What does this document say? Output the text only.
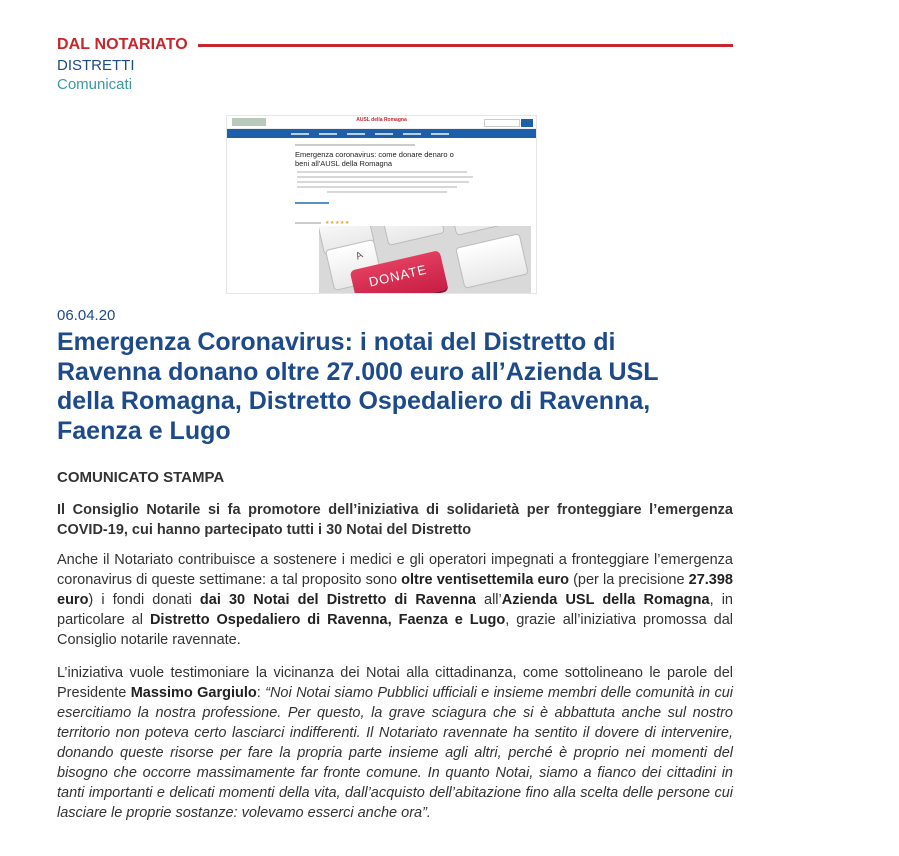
DAL NOTARIATO
DISTRETTI
Comunicati
AUSL della Romagna
Emergenza coronavirus: come donare denaro o beni all'AUSL della Romagna
★★★★★
A
DONATE
06.04.20
Emergenza Coronavirus: i notai del Distretto di Ravenna donano oltre 27.000 euro all’Azienda USL della Romagna, Distretto Ospedaliero di Ravenna, Faenza e Lugo
COMUNICATO STAMPA

Il Consiglio Notarile si fa promotore dell’iniziativa di solidarietà per fronteggiare l’emergenza COVID-19, cui hanno partecipato tutti i 30 Notai del Distretto

Anche il Notariato contribuisce a sostenere i medici e gli operatori impegnati a fronteggiare l’emergenza coronavirus di queste settimane: a tal proposito sono oltre ventisettemila euro (per la precisione 27.398 euro) i fondi donati dai 30 Notai del Distretto di Ravenna all’Azienda USL della Romagna, in particolare al Distretto Ospedaliero di Ravenna, Faenza e Lugo, grazie all’iniziativa promossa dal Consiglio notarile ravennate.

L’iniziativa vuole testimoniare la vicinanza dei Notai alla cittadinanza, come sottolineano le parole del Presidente Massimo Gargiulo: “Noi Notai siamo Pubblici ufficiali e insieme membri delle comunità in cui esercitiamo la nostra professione. Per questo, la grave sciagura che si è abbattuta anche sul nostro territorio non poteva certo lasciarci indifferenti. Il Notariato ravennate ha sentito il dovere di intervenire, donando queste risorse per fare la propria parte insieme agli altri, perché è proprio nei momenti del bisogno che occorre massimamente far fronte comune. In quanto Notai, siamo a fianco dei cittadini in tanti importanti e delicati momenti della vita, dall’acquisto dell’abitazione fino alla scelta delle persone cui lasciare le proprie sostanze: volevamo esserci anche ora”.
